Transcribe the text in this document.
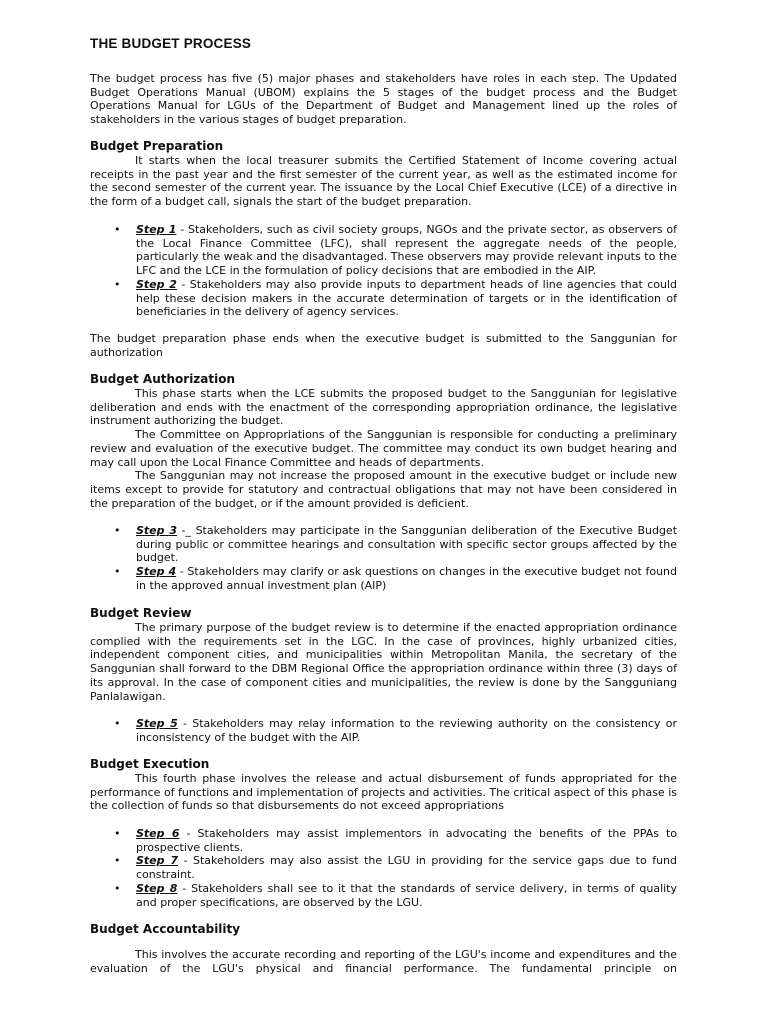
THE BUDGET PROCESS

The budget process has five (5) major phases and stakeholders have roles in each step. The Updated Budget Operations Manual (UBOM) explains the 5 stages of the budget process and the Budget Operations Manual for LGUs of the Department of Budget and Management lined up the roles of stakeholders in the various stages of budget preparation.

Budget Preparation

It starts when the local treasurer submits the Certified Statement of Income covering actual receipts in the past year and the first semester of the current year, as well as the estimated income for the second semester of the current year. The issuance by the Local Chief Executive (LCE) of a directive in the form of a budget call, signals the start of the budget preparation.

• Step 1 - Stakeholders, such as civil society groups, NGOs and the private sector, as observers of the Local Finance Committee (LFC), shall represent the aggregate needs of the people, particularly the weak and the disadvantaged. These observers may provide relevant inputs to the LFC and the LCE in the formulation of policy decisions that are embodied in the AIP.
• Step 2 - Stakeholders may also provide inputs to department heads of line agencies that could help these decision makers in the accurate determination of targets or in the identification of beneficiaries in the delivery of agency services.

The budget preparation phase ends when the executive budget is submitted to the Sanggunian for authorization

Budget Authorization

This phase starts when the LCE submits the proposed budget to the Sanggunian for legislative deliberation and ends with the enactment of the corresponding appropriation ordinance, the legislative instrument authorizing the budget.

The Committee on Appropriations of the Sanggunian is responsible for conducting a preliminary review and evaluation of the executive budget. The committee may conduct its own budget hearing and may call upon the Local Finance Committee and heads of departments.

The Sanggunian may not increase the proposed amount in the executive budget or include new items except to provide for statutory and contractual obligations that may not have been considered in the preparation of the budget, or if the amount provided is deficient.

• Step 3 -_ Stakeholders may participate in the Sanggunian deliberation of the Executive Budget during public or committee hearings and consultation with specific sector groups affected by the budget.
• Step 4 - Stakeholders may clarify or ask questions on changes in the executive budget not found in the approved annual investment plan (AIP)
Budget Review

The primary purpose of the budget review is to determine if the enacted appropriation ordinance complied with the requirements set in the LGC. In the case of provinces, highly urbanized cities, independent component cities, and municipalities within Metropolitan Manila, the secretary of the Sanggunian shall forward to the DBM Regional Office the appropriation ordinance within three (3) days of its approval. In the case of component cities and municipalities, the review is done by the Sangguniang Panlalawigan.

• Step 5 - Stakeholders may relay information to the reviewing authority on the consistency or inconsistency of the budget with the AIP.
Budget Execution

This fourth phase involves the release and actual disbursement of funds appropriated for the performance of functions and implementation of projects and activities. The critical aspect of this phase is the collection of funds so that disbursements do not exceed appropriations

• Step 6 - Stakeholders may assist implementors in advocating the benefits of the PPAs to prospective clients.
• Step 7 - Stakeholders may also assist the LGU in providing for the service gaps due to fund constraint.
• Step 8 - Stakeholders shall see to it that the standards of service delivery, in terms of quality and proper specifications, are observed by the LGU.
Budget Accountability

This involves the accurate recording and reporting of the LGU's income and expenditures and the evaluation of the LGU's physical and financial performance. The fundamental principle on
